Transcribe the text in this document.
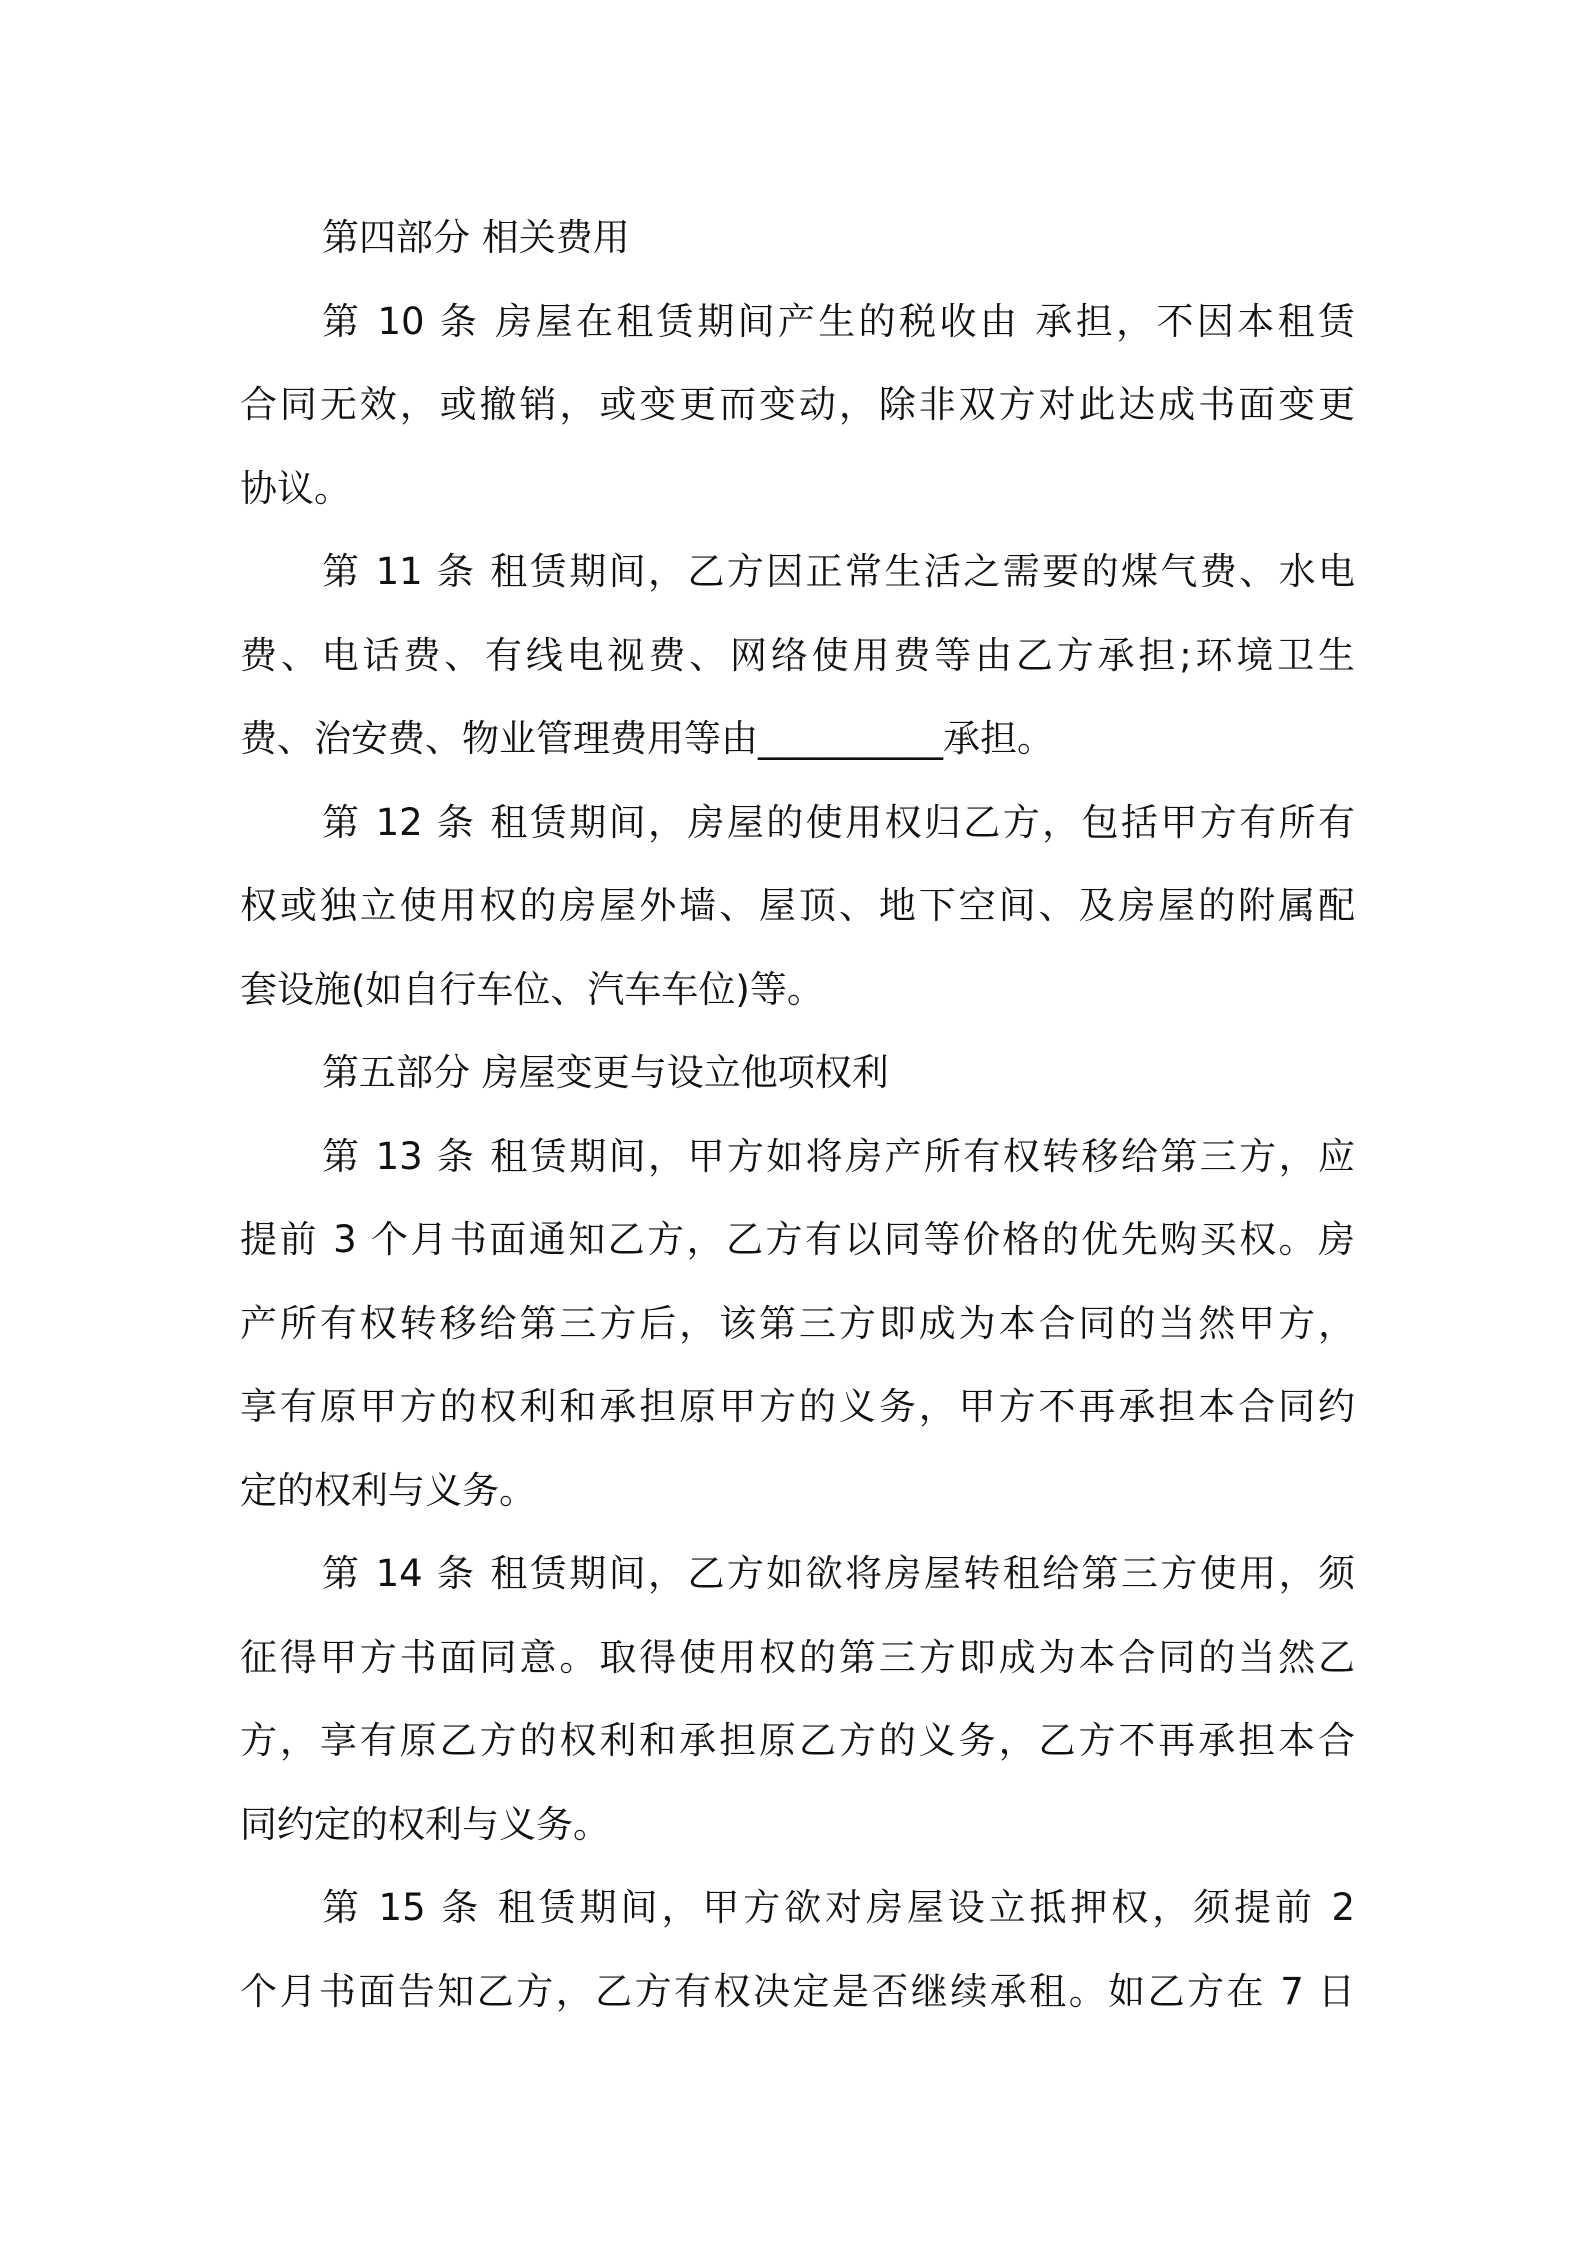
第四部分 相关费用
第 10 条 房屋在租赁期间产生的税收由 承担，不因本租赁
合同无效，或撤销，或变更而变动，除非双方对此达成书面变更
协议。
第 11 条 租赁期间，乙方因正常生活之需要的煤气费、水电
费、电话费、有线电视费、网络使用费等由乙方承担;环境卫生
费、治安费、物业管理费用等由__________承担。
第 12 条 租赁期间，房屋的使用权归乙方，包括甲方有所有
权或独立使用权的房屋外墙、屋顶、地下空间、及房屋的附属配
套设施(如自行车位、汽车车位)等。
第五部分 房屋变更与设立他项权利
第 13 条 租赁期间，甲方如将房产所有权转移给第三方，应
提前 3 个月书面通知乙方，乙方有以同等价格的优先购买权。房
产所有权转移给第三方后，该第三方即成为本合同的当然甲方，
享有原甲方的权利和承担原甲方的义务，甲方不再承担本合同约
定的权利与义务。
第 14 条 租赁期间，乙方如欲将房屋转租给第三方使用，须
征得甲方书面同意。取得使用权的第三方即成为本合同的当然乙
方，享有原乙方的权利和承担原乙方的义务，乙方不再承担本合
同约定的权利与义务。
第 15 条 租赁期间，甲方欲对房屋设立抵押权，须提前 2
个月书面告知乙方，乙方有权决定是否继续承租。如乙方在 7 日
